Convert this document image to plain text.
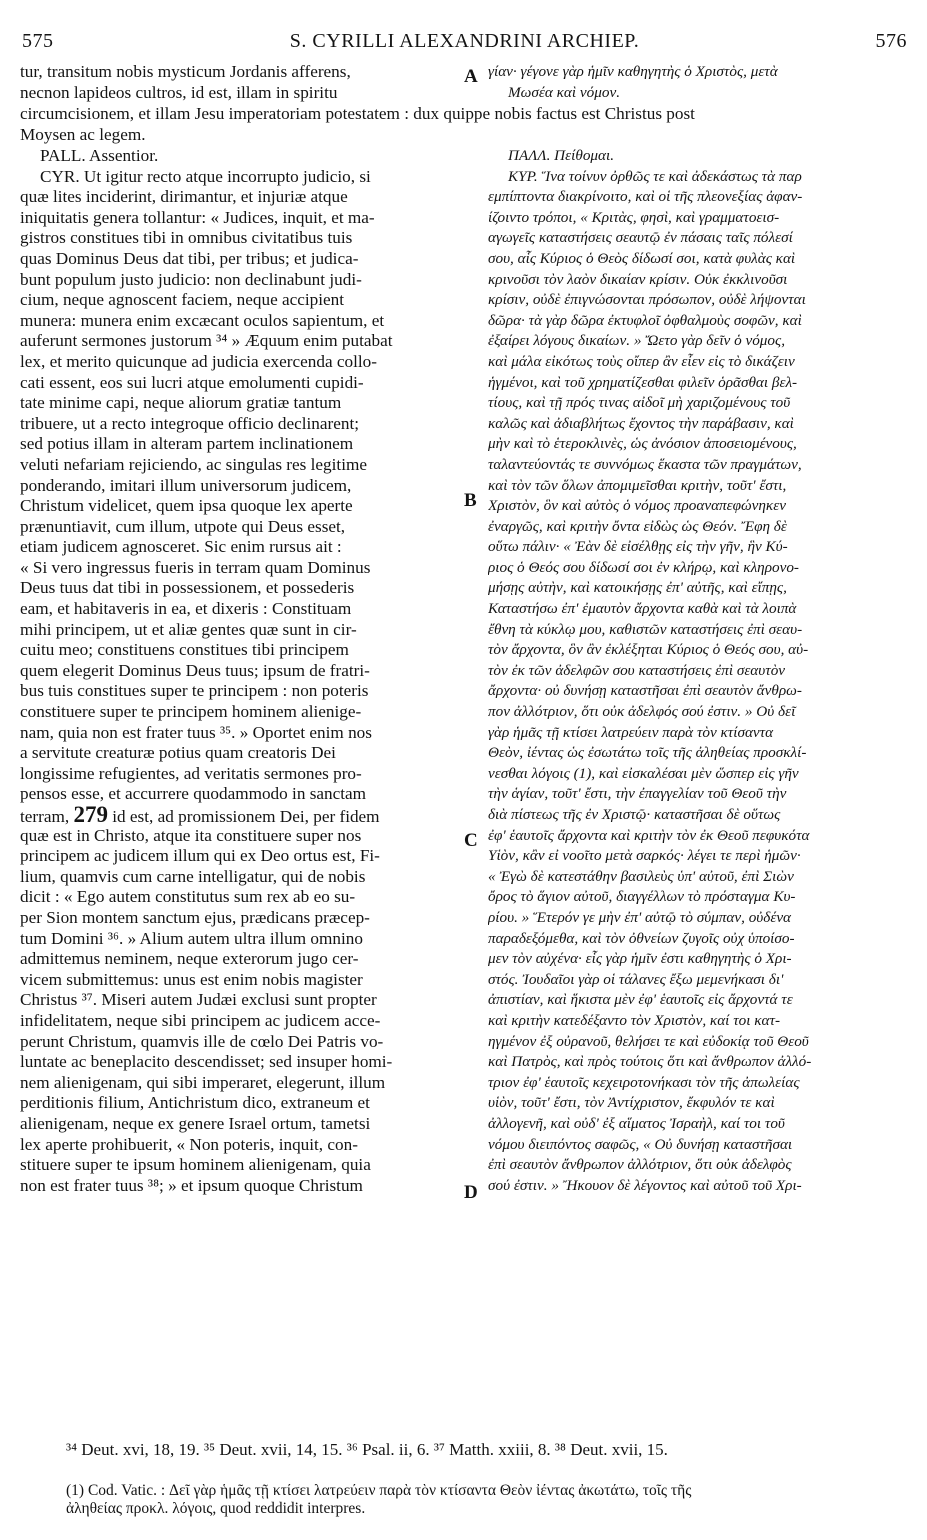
575	S. CYRILLI ALEXANDRINI ARCHIEP.	576
tur, transitum nobis mysticum Jordanis afferens,
necnon lapideos cultros, id est, illam in spiritu
γίαν· γέγονε γὰρ ἡμῖν καθηγητὴς ὁ Χριστὸς, μετὰ
Μωσέα καὶ νόμον.
A
circumcisionem, et illam Jesu imperatoriam potestatem : dux quippe nobis factus est Christus post
Moysen ac legem.
PALL. Assentior.
CYR. Ut igitur recto atque incorrupto judicio, si
quæ lites inciderint, dirimantur, et injuriæ atque
iniquitatis genera tollantur: « Judices, inquit, et ma-
gistros constitues tibi in omnibus civitatibus tuis
quas Dominus Deus dat tibi, per tribus; et judica-
bunt populum justo judicio: non declinabunt judi-
cium, neque agnoscent faciem, neque accipient
munera: munera enim excæcant oculos sapientum, et
auferunt sermones justorum ³⁴ » Æquum enim putabat
lex, et merito quicunque ad judicia exercenda collo-
cati essent, eos sui lucri atque emolumenti cupidi-
tate minime capi, neque aliorum gratiæ tantum
tribuere, ut a recto integroque officio declinarent;
sed potius illam in alteram partem inclinationem
veluti nefariam rejiciendo, ac singulas res legitime
ponderando, imitari illum universorum judicem,
Christum videlicet, quem ipsa quoque lex aperte
prænuntiavit, cum illum, utpote qui Deus esset,
etiam judicem agnosceret. Sic enim rursus ait :
« Si vero ingressus fueris in terram quam Dominus
Deus tuus dat tibi in possessionem, et possederis
eam, et habitaveris in ea, et dixeris : Constituam
mihi principem, ut et aliæ gentes quæ sunt in cir-
cuitu meo; constituens constitues tibi principem
quem elegerit Dominus Deus tuus; ipsum de fratri-
bus tuis constitues super te principem : non poteris
constituere super te principem hominem alienige-
nam, quia non est frater tuus ³⁵. » Oportet enim nos
a servitute creaturæ potius quam creatoris Dei
longissime refugientes, ad veritatis sermones pro-
pensos esse, et accurrere quodammodo in sanctam
terram, 279 id est, ad promissionem Dei, per fidem
quæ est in Christo, atque ita constituere super nos
principem ac judicem illum qui ex Deo ortus est, Fi-
lium, quamvis cum carne intelligatur, qui de nobis
dicit : « Ego autem constitutus sum rex ab eo su-
per Sion montem sanctum ejus, prædicans præcep-
tum Domini ³⁶. » Alium autem ultra illum omnino
admittemus neminem, neque exterorum jugo cer-
vicem submittemus: unus est enim nobis magister
Christus ³⁷. Miseri autem Judæi exclusi sunt propter
infidelitatem, neque sibi principem ac judicem acce-
perunt Christum, quamvis ille de cœlo Dei Patris vo-
luntate ac beneplacito descendisset; sed insuper homi-
nem alienigenam, qui sibi imperaret, elegerunt, illum
perditionis filium, Antichristum dico, extraneum et
alienigenam, neque ex genere Israel ortum, tametsi
lex aperte prohibuerit, « Non poteris, inquit, con-
stituere super te ipsum hominem alienigenam, quia
non est frater tuus ³⁸; » et ipsum quoque Christum
ΠΑΛΛ. Πείθομαι.
ΚΥΡ. Ἵνα τοίνυν ὀρθῶς τε καὶ ἀδεκάστως τὰ παρ
εμπίπτοντα διακρίνοιτο, καὶ οἱ τῆς πλεονεξίας ἀφαν-
ίζοιντο τρόποι, « Κριτὰς, φησὶ, καὶ γραμματοεισ-
αγωγεῖς καταστήσεις σεαυτῷ ἐν πάσαις ταῖς πόλεσί
σου, αἷς Κύριος ὁ Θεὸς δίδωσί σοι, κατὰ φυλὰς καὶ
κρινοῦσι τὸν λαὸν δικαίαν κρίσιν. Οὐκ ἐκκλινοῦσι
κρίσιν, οὐδὲ ἐπιγνώσονται πρόσωπον, οὐδὲ λήψονται
δῶρα· τὰ γὰρ δῶρα ἐκτυφλοῖ ὀφθαλμοὺς σοφῶν, καὶ
ἐξαίρει λόγους δικαίων. » Ὤετο γὰρ δεῖν ὁ νόμος,
καὶ μάλα εἰκότως τοὺς οἴπερ ἂν εἶεν εἰς τὸ δικάζειν
ἡγμένοι, καὶ τοῦ χρηματίζεσθαι φιλεῖν ὁρᾶσθαι βελ-
τίους, καὶ τῇ πρός τινας αἰδοῖ μὴ χαριζομένους τοῦ
καλῶς καὶ ἀδιαβλήτως ἔχοντος τὴν παράβασιν, καὶ
μὴν καὶ τὸ ἑτεροκλινὲς, ὡς ἀνόσιον ἀποσειομένους,
ταλαντεύοντάς τε συννόμως ἕκαστα τῶν πραγμάτων,
καὶ τὸν τῶν ὅλων ἀπομιμεῖσθαι κριτὴν, τοῦτ' ἔστι,
Χριστὸν, ὃν καὶ αὐτὸς ὁ νόμος προαναπεφώνηκεν
ἐναργῶς, καὶ κριτὴν ὄντα εἰδὼς ὡς Θεόν. Ἔφη δὲ
οὕτω πάλιν· « Ἐὰν δὲ εἰσέλθῃς εἰς τὴν γῆν, ἣν Κύ-
ριος ὁ Θεός σου δίδωσί σοι ἐν κλήρῳ, καὶ κληρονο-
μήσῃς αὐτὴν, καὶ κατοικήσῃς ἐπ' αὐτῆς, καὶ εἴπῃς,
Καταστήσω ἐπ' ἐμαυτὸν ἄρχοντα καθὰ καὶ τὰ λοιπὰ
ἔθνη τὰ κύκλῳ μου, καθιστῶν καταστήσεις ἐπὶ σεαυ-
τὸν ἄρχοντα, ὃν ἂν ἐκλέξηται Κύριος ὁ Θεός σου, αὐ-
τὸν ἐκ τῶν ἀδελφῶν σου καταστήσεις ἐπὶ σεαυτὸν
ἄρχοντα· οὐ δυνήσῃ καταστῆσαι ἐπὶ σεαυτὸν ἄνθρω-
πον ἀλλότριον, ὅτι οὐκ ἀδελφός σού ἐστιν. » Οὐ δεῖ
γὰρ ἡμᾶς τῇ κτίσει λατρεύειν παρὰ τὸν κτίσαντα
Θεὸν, ἰέντας ὡς ἐσωτάτω τοῖς τῆς ἀληθείας προσκλί-
νεσθαι λόγοις (1), καὶ εἰσκαλέσαι μὲν ὥσπερ εἰς γῆν
τὴν ἁγίαν, τοῦτ' ἔστι, τὴν ἐπαγγελίαν τοῦ Θεοῦ τὴν
διὰ πίστεως τῆς ἐν Χριστῷ· καταστῆσαι δὲ οὕτως
ἐφ' ἑαυτοῖς ἄρχοντα καὶ κριτὴν τὸν ἐκ Θεοῦ πεφυκότα
Υἱὸν, κἂν εἰ νοοῖτο μετὰ σαρκός· λέγει τε περὶ ἡμῶν·
« Ἐγὼ δὲ κατεστάθην βασιλεὺς ὑπ' αὐτοῦ, ἐπὶ Σιὼν
ὄρος τὸ ἅγιον αὐτοῦ, διαγγέλλων τὸ πρόσταγμα Κυ-
ρίου. » Ἕτερόν γε μὴν ἐπ' αὐτῷ τὸ σύμπαν, οὐδένα
παραδεξόμεθα, καὶ τὸν ὀθνείων ζυγοῖς οὐχ ὑποίσο-
μεν τὸν αὐχένα· εἷς γὰρ ἡμῖν ἐστι καθηγητὴς ὁ Χρι-
στός. Ἰουδαῖοι γὰρ οἱ τάλανες ἔξω μεμενήκασι δι'
ἀπιστίαν, καὶ ἥκιστα μὲν ἐφ' ἑαυτοῖς εἰς ἄρχοντά τε
καὶ κριτὴν κατεδέξαντο τὸν Χριστὸν, καί τοι κατ-
ηγμένον ἐξ οὐρανοῦ, θελήσει τε καὶ εὐδοκίᾳ τοῦ Θεοῦ
καὶ Πατρὸς, καὶ πρὸς τούτοις ὅτι καὶ ἄνθρωπον ἀλλό-
τριον ἐφ' ἑαυτοῖς κεχειροτονήκασι τὸν τῆς ἀπωλείας
υἱὸν, τοῦτ' ἔστι, τὸν Ἀντίχριστον, ἔκφυλόν τε καὶ
ἀλλογενῆ, καὶ οὐδ' ἐξ αἵματος Ἰσραὴλ, καί τοι τοῦ
νόμου διειπόντος σαφῶς, « Οὐ δυνήσῃ καταστῆσαι
ἐπὶ σεαυτὸν ἄνθρωπον ἀλλότριον, ὅτι οὐκ ἀδελφὸς
σού ἐστιν. » Ἤκουον δὲ λέγοντος καὶ αὐτοῦ τοῦ Χρι-
B
C
D
³⁴ Deut. xvi, 18, 19. ³⁵ Deut. xvii, 14, 15. ³⁶ Psal. ii, 6. ³⁷ Matth. xxiii, 8. ³⁸ Deut. xvii, 15.
(1) Cod. Vatic. : Δεῖ γὰρ ἡμᾶς τῇ κτίσει λατρεύειν παρὰ τὸν κτίσαντα Θεὸν ἰέντας ἀκωτάτω, τοῖς τῆς
ἀληθείας προκλ. λόγοις, quod reddidit interpres.
